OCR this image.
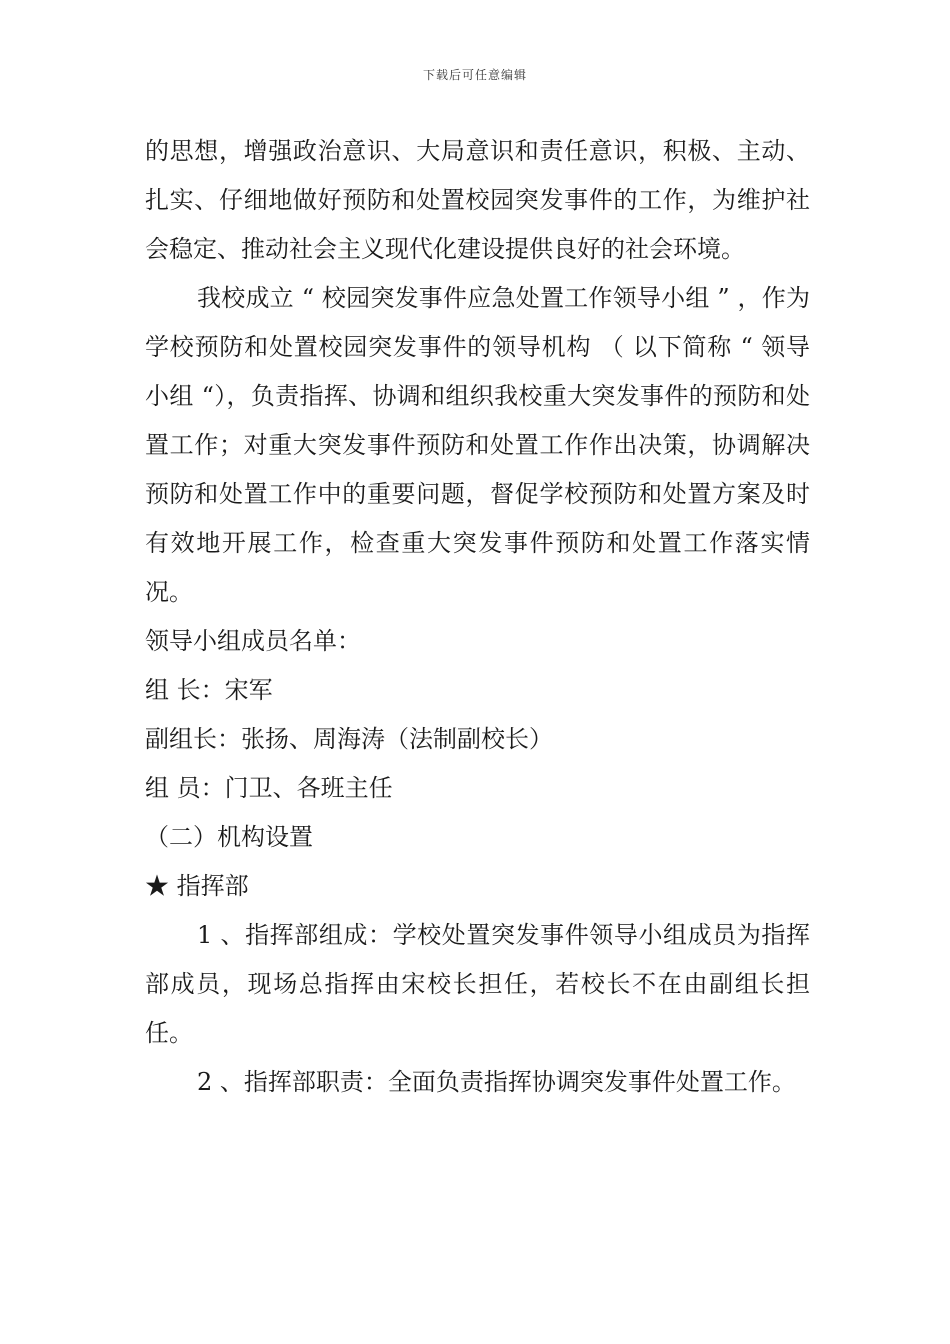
下载后可任意编辑

的思想，增强政治意识、大局意识和责任意识，积极、主动、扎实、仔细地做好预防和处置校园突发事件的工作，为维护社会稳定、推动社会主义现代化建设提供良好的社会环境。

我校成立 “ 校园突发事件应急处置工作领导小组 ” ，作为学校预防和处置校园突发事件的领导机构 （ 以下简称 “ 领导小组 “），负责指挥、协调和组织我校重大突发事件的预防和处置工作；对重大突发事件预防和处置工作作出决策，协调解决预防和处置工作中的重要问题，督促学校预防和处置方案及时有效地开展工作，检查重大突发事件预防和处置工作落实情况。

领导小组成员名单：

组 长：宋军

副组长：张扬、周海涛（法制副校长）

组 员：门卫、各班主任

（二）机构设置

★ 指挥部

1 、指挥部组成：学校处置突发事件领导小组成员为指挥部成员，现场总指挥由宋校长担任，若校长不在由副组长担任。

2 、指挥部职责：全面负责指挥协调突发事件处置工作。
